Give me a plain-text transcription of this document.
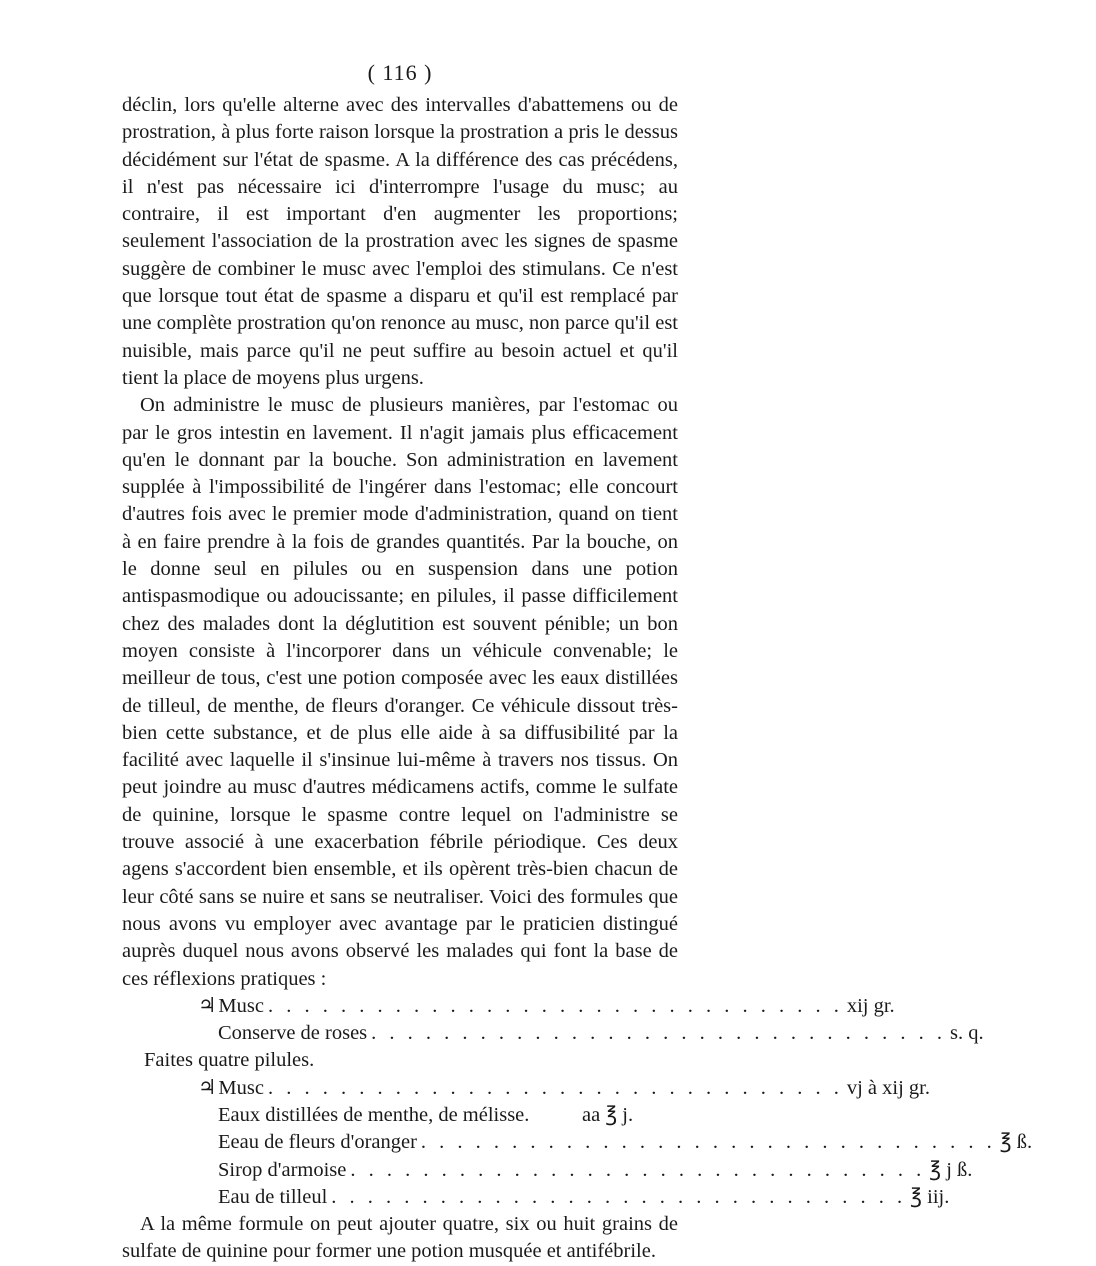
( 116 )

déclin, lors qu'elle alterne avec des intervalles d'abattemens ou de prostration, à plus forte raison lorsque la prostration a pris le dessus décidément sur l'état de spasme. A la différence des cas précédens, il n'est pas nécessaire ici d'interrompre l'usage du musc; au contraire, il est important d'en augmenter les proportions; seulement l'association de la prostration avec les signes de spasme suggère de combiner le musc avec l'emploi des stimulans. Ce n'est que lorsque tout état de spasme a disparu et qu'il est remplacé par une complète prostration qu'on renonce au musc, non parce qu'il est nuisible, mais parce qu'il ne peut suffire au besoin actuel et qu'il tient la place de moyens plus urgens.

On administre le musc de plusieurs manières, par l'estomac ou par le gros intestin en lavement. Il n'agit jamais plus efficacement qu'en le donnant par la bouche. Son administration en lavement supplée à l'impossibilité de l'ingérer dans l'estomac; elle concourt d'autres fois avec le premier mode d'administration, quand on tient à en faire prendre à la fois de grandes quantités. Par la bouche, on le donne seul en pilules ou en suspension dans une potion antispasmodique ou adoucissante; en pilules, il passe difficilement chez des malades dont la déglutition est souvent pénible; un bon moyen consiste à l'incorporer dans un véhicule convenable; le meilleur de tous, c'est une potion composée avec les eaux distillées de tilleul, de menthe, de fleurs d'oranger. Ce véhicule dissout très-bien cette substance, et de plus elle aide à sa diffusibilité par la facilité avec laquelle il s'insinue lui-même à travers nos tissus. On peut joindre au musc d'autres médicamens actifs, comme le sulfate de quinine, lorsque le spasme contre lequel on l'administre se trouve associé à une exacerbation fébrile périodique. Ces deux agens s'accordent bien ensemble, et ils opèrent très-bien chacun de leur côté sans se nuire et sans se neutraliser. Voici des formules que nous avons vu employer avec avantage par le praticien distingué auprès duquel nous avons observé les malades qui font la base de ces réflexions pratiques :

♃ Musc . . . . . . . . . . . . . . . . . . . . . . . . . . . . . . . . xij gr.
Conserve de roses . . . . . . . . . . . . . . . . . . . . . . . . . . . . . . . . s. q.

Faites quatre pilules.

♃ Musc . . . . . . . . . . . . . . . . . . . . . . . . . . . . . . . . vj à xij gr.
Eaux distillées de menthe, de mélisse.	aa ℥ j.
Eeau de fleurs d'oranger . . . . . . . . . . . . . . . . . . . . . . . . . . . . . . . . ℥ ß.
Sirop d'armoise . . . . . . . . . . . . . . . . . . . . . . . . . . . . . . . . ℥ j ß.
Eau de tilleul . . . . . . . . . . . . . . . . . . . . . . . . . . . . . . . . ℥ iij.

A la même formule on peut ajouter quatre, six ou huit grains de sulfate de quinine pour former une potion musquée et antifébrile.
